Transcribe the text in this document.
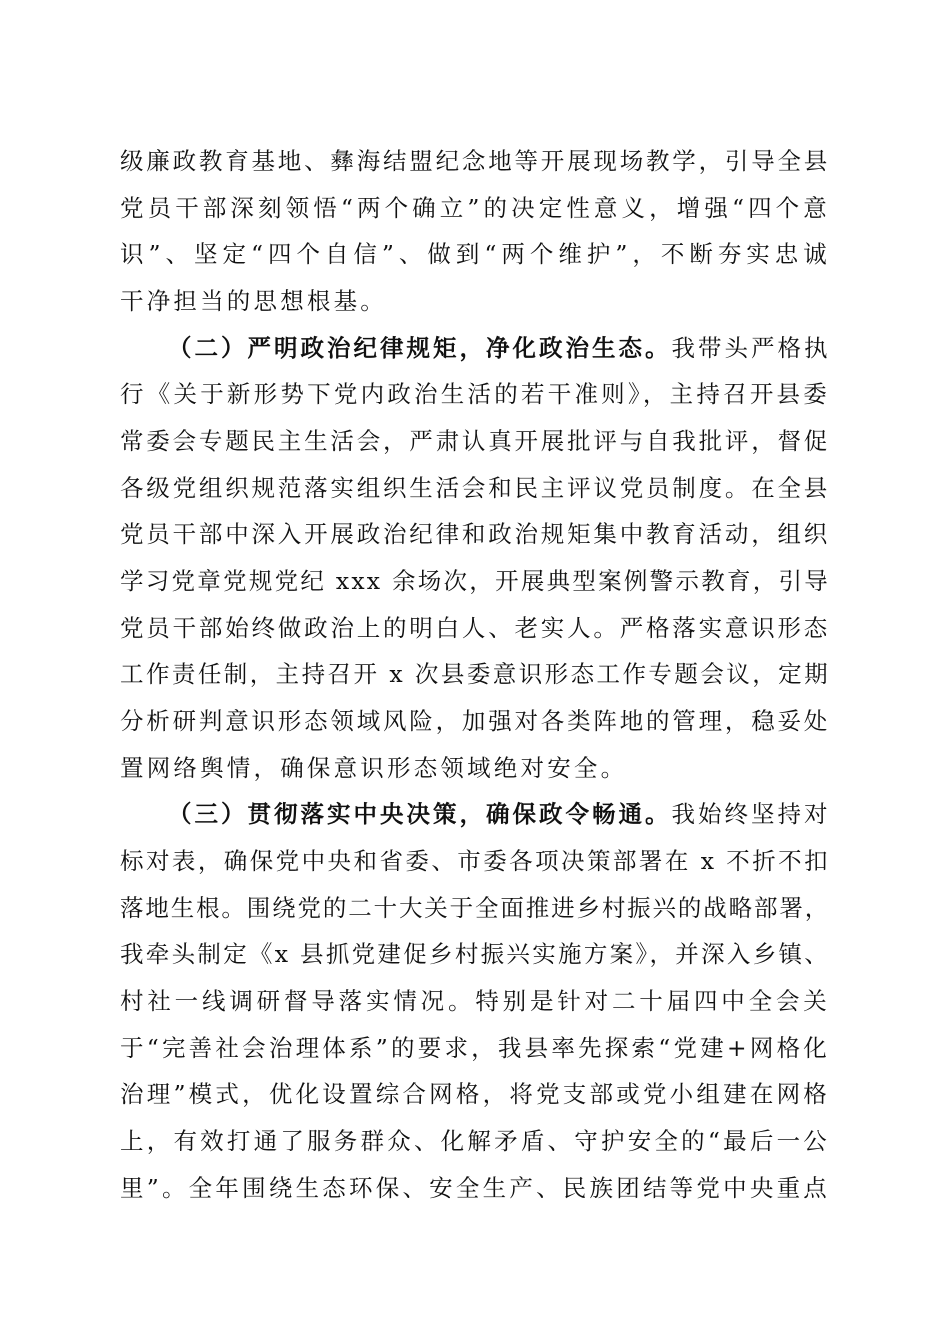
级廉政教育基地、彝海结盟纪念地等开展现场教学，引导全县
党员干部深刻领悟“两个确立”的决定性意义，增强“四个意
识”、坚定“四个自信”、做到“两个维护”，不断夯实忠诚
干净担当的思想根基。
（二）严明政治纪律规矩，净化政治生态。我带头严格执
行《关于新形势下党内政治生活的若干准则》，主持召开县委
常委会专题民主生活会，严肃认真开展批评与自我批评，督促
各级党组织规范落实组织生活会和民主评议党员制度。在全县
党员干部中深入开展政治纪律和政治规矩集中教育活动，组织
学习党章党规党纪 xxx 余场次，开展典型案例警示教育，引导
党员干部始终做政治上的明白人、老实人。严格落实意识形态
工作责任制，主持召开 x 次县委意识形态工作专题会议，定期
分析研判意识形态领域风险，加强对各类阵地的管理，稳妥处
置网络舆情，确保意识形态领域绝对安全。
（三）贯彻落实中央决策，确保政令畅通。我始终坚持对
标对表，确保党中央和省委、市委各项决策部署在 x 不折不扣
落地生根。围绕党的二十大关于全面推进乡村振兴的战略部署，
我牵头制定《x 县抓党建促乡村振兴实施方案》，并深入乡镇、
村社一线调研督导落实情况。特别是针对二十届四中全会关
于“完善社会治理体系”的要求，我县率先探索“党建+网格化
治理”模式，优化设置综合网格，将党支部或党小组建在网格
上，有效打通了服务群众、化解矛盾、守护安全的“最后一公
里”。全年围绕生态环保、安全生产、民族团结等党中央重点
